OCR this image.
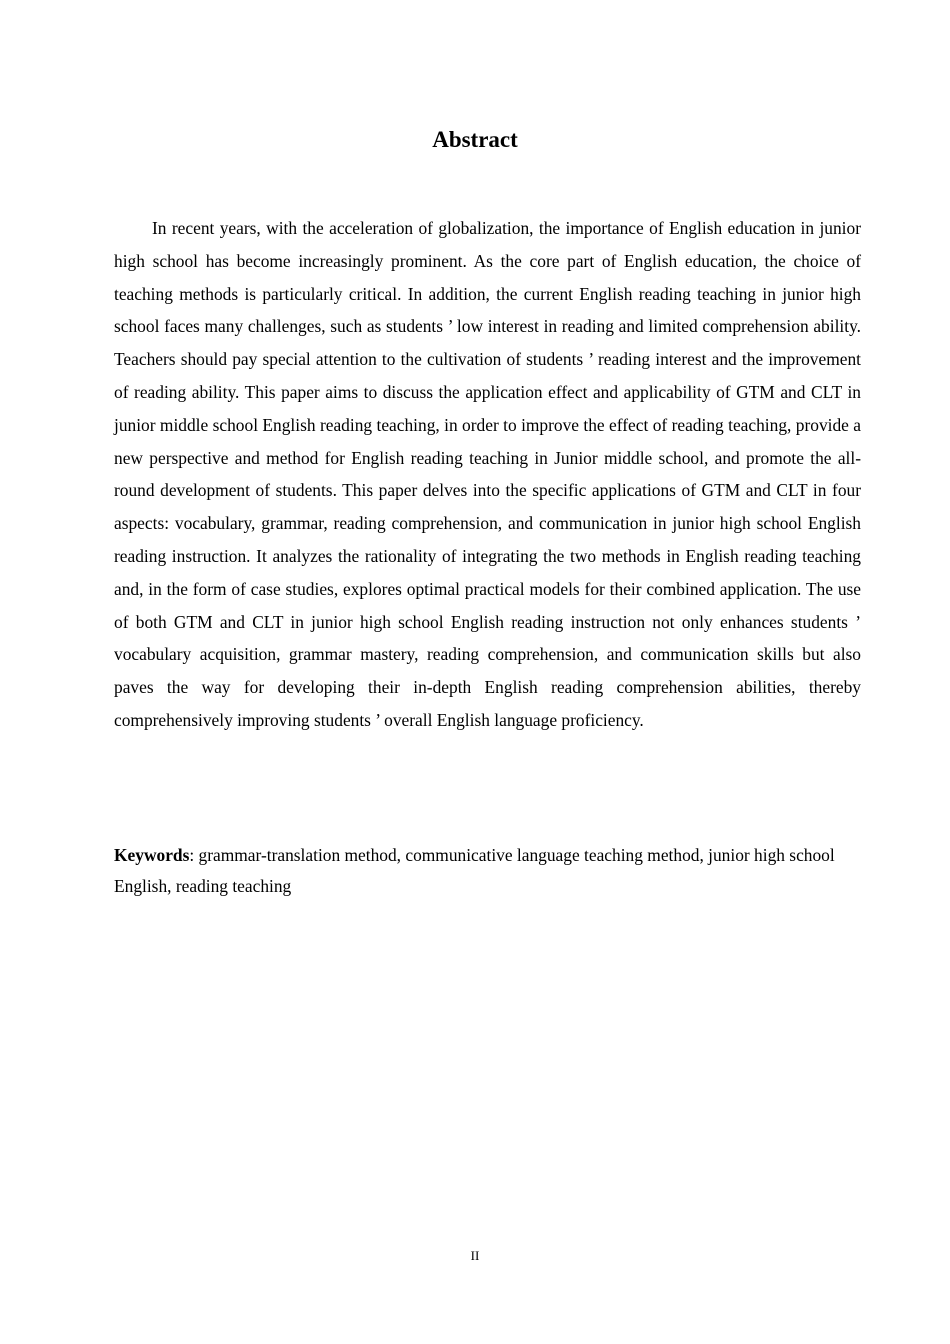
Abstract

In recent years, with the acceleration of globalization, the importance of English education in junior high school has become increasingly prominent. As the core part of English education, the choice of teaching methods is particularly critical. In addition, the current English reading teaching in junior high school faces many challenges, such as students ’ low interest in reading and limited comprehension ability. Teachers should pay special attention to the cultivation of students ’ reading interest and the improvement of reading ability. This paper aims to discuss the application effect and applicability of GTM and CLT in junior middle school English reading teaching, in order to improve the effect of reading teaching, provide a new perspective and method for English reading teaching in Junior middle school, and promote the all-round development of students. This paper delves into the specific applications of GTM and CLT in four aspects: vocabulary, grammar, reading comprehension, and communication in junior high school English reading instruction. It analyzes the rationality of integrating the two methods in English reading teaching and, in the form of case studies, explores optimal practical models for their combined application. The use of both GTM and CLT in junior high school English reading instruction not only enhances students ’ vocabulary acquisition, grammar mastery, reading comprehension, and communication skills but also paves the way for developing their in-depth English reading comprehension abilities, thereby comprehensively improving students ’ overall English language proficiency.

Keywords: grammar-translation method, communicative language teaching method, junior high school English, reading teaching

II
